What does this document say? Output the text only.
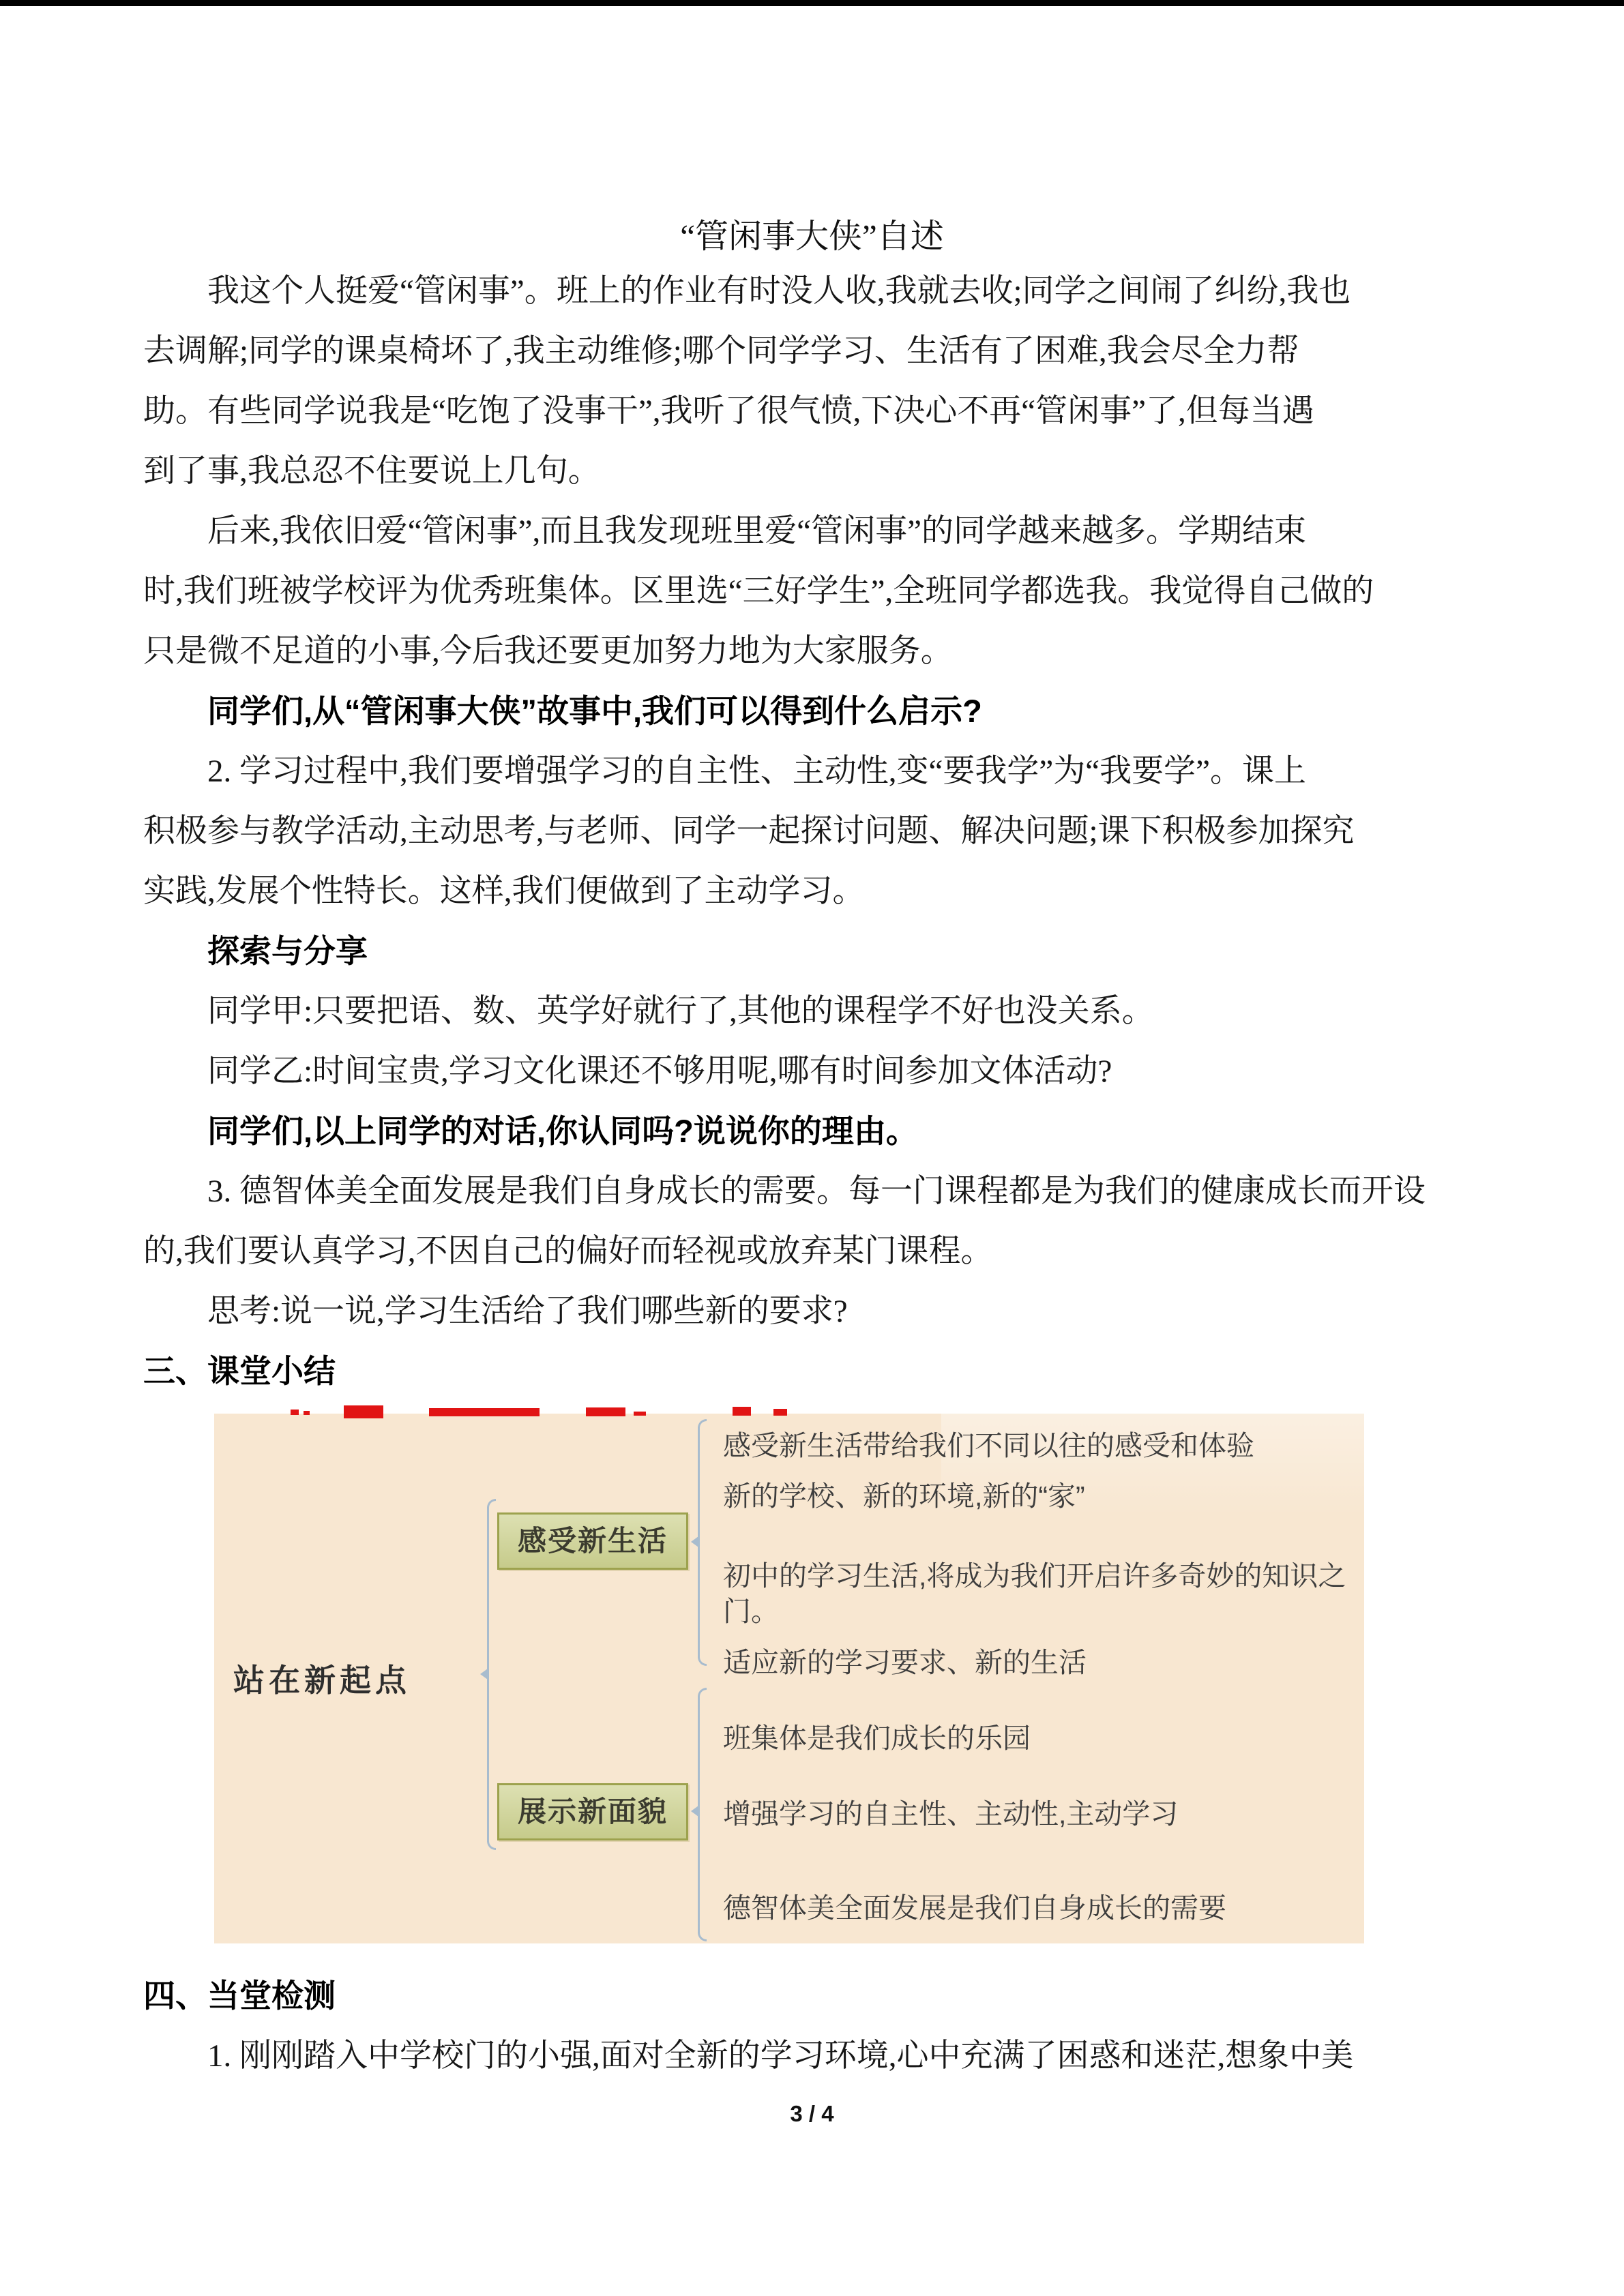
“管闲事大侠”自述
我这个人挺爱“管闲事”。班上的作业有时没人收,我就去收;同学之间闹了纠纷,我也
去调解;同学的课桌椅坏了,我主动维修;哪个同学学习、生活有了困难,我会尽全力帮
助。有些同学说我是“吃饱了没事干”,我听了很气愤,下决心不再“管闲事”了,但每当遇
到了事,我总忍不住要说上几句。
后来,我依旧爱“管闲事”,而且我发现班里爱“管闲事”的同学越来越多。学期结束
时,我们班被学校评为优秀班集体。区里选“三好学生”,全班同学都选我。我觉得自己做的
只是微不足道的小事,今后我还要更加努力地为大家服务。
同学们,从“管闲事大侠”故事中,我们可以得到什么启示?
2. 学习过程中,我们要增强学习的自主性、主动性,变“要我学”为“我要学”。课上
积极参与教学活动,主动思考,与老师、同学一起探讨问题、解决问题;课下积极参加探究
实践,发展个性特长。这样,我们便做到了主动学习。
探索与分享
同学甲:只要把语、数、英学好就行了,其他的课程学不好也没关系。
同学乙:时间宝贵,学习文化课还不够用呢,哪有时间参加文体活动?
同学们,以上同学的对话,你认同吗?说说你的理由。
3. 德智体美全面发展是我们自身成长的需要。每一门课程都是为我们的健康成长而开设
的,我们要认真学习,不因自己的偏好而轻视或放弃某门课程。
思考:说一说,学习生活给了我们哪些新的要求?
三、课堂小结
站在新起点
感受新生活
展示新面貌
感受新生活带给我们不同以往的感受和体验
新的学校、新的环境,新的“家”
初中的学习生活,将成为我们开启许多奇妙的知识之门。
适应新的学习要求、新的生活
班集体是我们成长的乐园
增强学习的自主性、主动性,主动学习
德智体美全面发展是我们自身成长的需要
四、当堂检测
1. 刚刚踏入中学校门的小强,面对全新的学习环境,心中充满了困惑和迷茫,想象中美
3 / 4
